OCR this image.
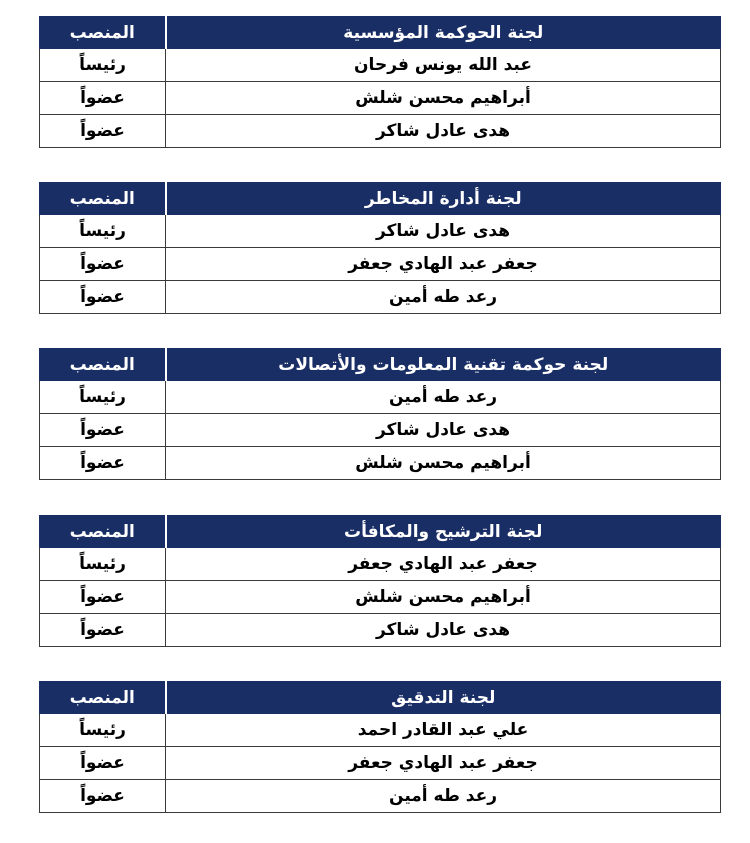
لجنة الحوكمة المؤسسية	المنصب
عبد الله يونس فرحان	رئيساً
أبراهيم محسن شلش	عضواً
هدى عادل شاكر	عضواً
لجنة أدارة المخاطر	المنصب
هدى عادل شاكر	رئيساً
جعفر عبد الهادي جعفر	عضواً
رعد طه أمين	عضواً
لجنة حوكمة تقنية المعلومات والأتصالات	المنصب
رعد طه أمين	رئيساً
هدى عادل شاكر	عضواً
أبراهيم محسن شلش	عضواً
لجنة الترشيح والمكافأت	المنصب
جعفر عبد الهادي جعفر	رئيساً
أبراهيم محسن شلش	عضواً
هدى عادل شاكر	عضواً
لجنة التدقيق	المنصب
علي عبد القادر احمد	رئيساً
جعفر عبد الهادي جعفر	عضواً
رعد طه أمين	عضواً
